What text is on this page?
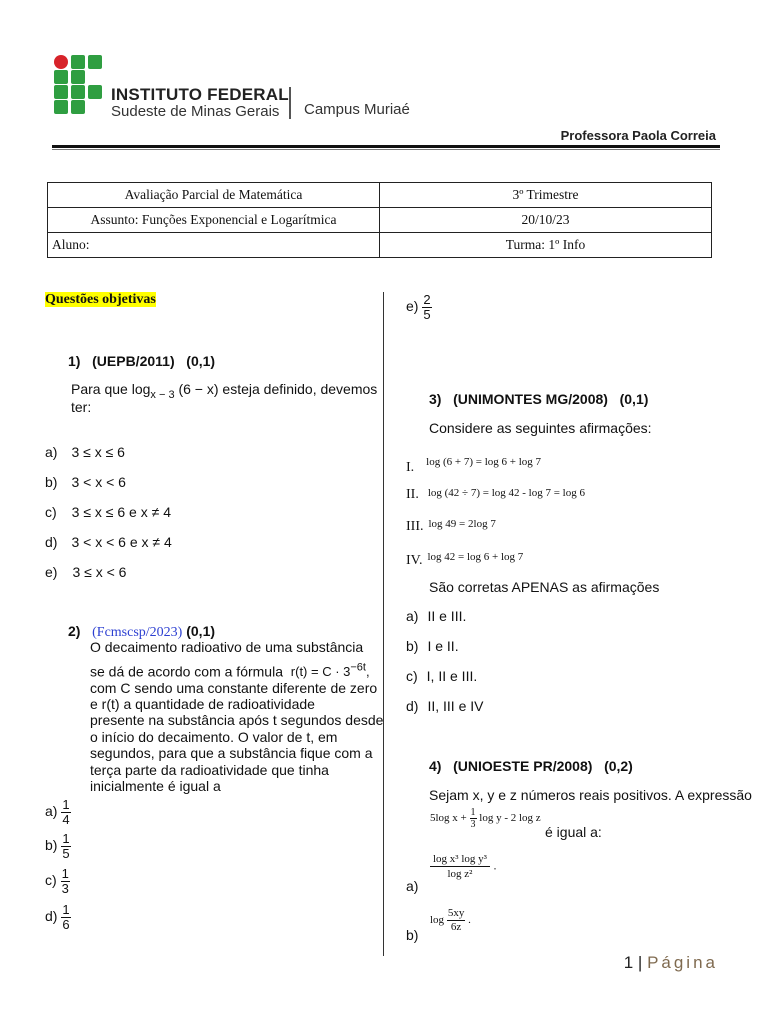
INSTITUTO FEDERAL
Sudeste de Minas Gerais Campus Muriaé
Professora Paola Correia
Avaliação Parcial de Matemática	3º Trimestre
Assunto: Funções Exponencial e Logarítmica	20/10/23
Aluno:	Turma: 1º Info
Questões objetivas
1) (UEPB/2011) (0,1)
Para que $\log_{x - 3} (6 - x)$ esteja definido, devemos
ter:
a) 3 ≤ x ≤ 6
b) 3 < x < 6
c) 3 ≤ x ≤ 6 e x ≠ 4
d) 3 < x < 6 e x ≠ 4
e) 3 ≤ x < 6
2) (Fcmscsp/2023) (0,1)
O decaimento radioativo de uma substância
se dá de acordo com a fórmula $r(t) = C \cdot 3^{-6t}$,
com C sendo uma constante diferente de zero
e r(t) a quantidade de radioatividade
presente na substância após t segundos desde
o início do decaimento. O valor de t, em
segundos, para que a substância fique com a
terça parte da radioatividade que tinha
inicialmente é igual a
$a) \frac{1}{4}$
$b) \frac{1}{5}$
$c) \frac{1}{3}$
$d) \frac{1}{6}$
$e) \frac{2}{5}$
3) (UNIMONTES MG/2008) (0,1)
Considere as seguintes afirmações:
I. $^{log (6 + 7) = log 6 + log 7}$
II. log (42 ÷ 7) = log 42 - log 7 = log 6
III. $^{log 49 = 2log 7}$
IV. $^{log 42 = log 6 + log 7}$
São corretas APENAS as afirmações
a) II e III.
b) I e II.
c) I, II e III.
d) II, III e IV
4) (UNIOESTE PR/2008) (0,2)
Sejam x, y e z números reais positivos. A expressão
5log $x + \frac{1}{3}$ log y - 2 log z
é igual a:
a)
$\frac{\text{log x³ log y³}}{\text{log z²}}$ .
b)
$\log \frac{5xy}{6z}$ .
1 | Página
